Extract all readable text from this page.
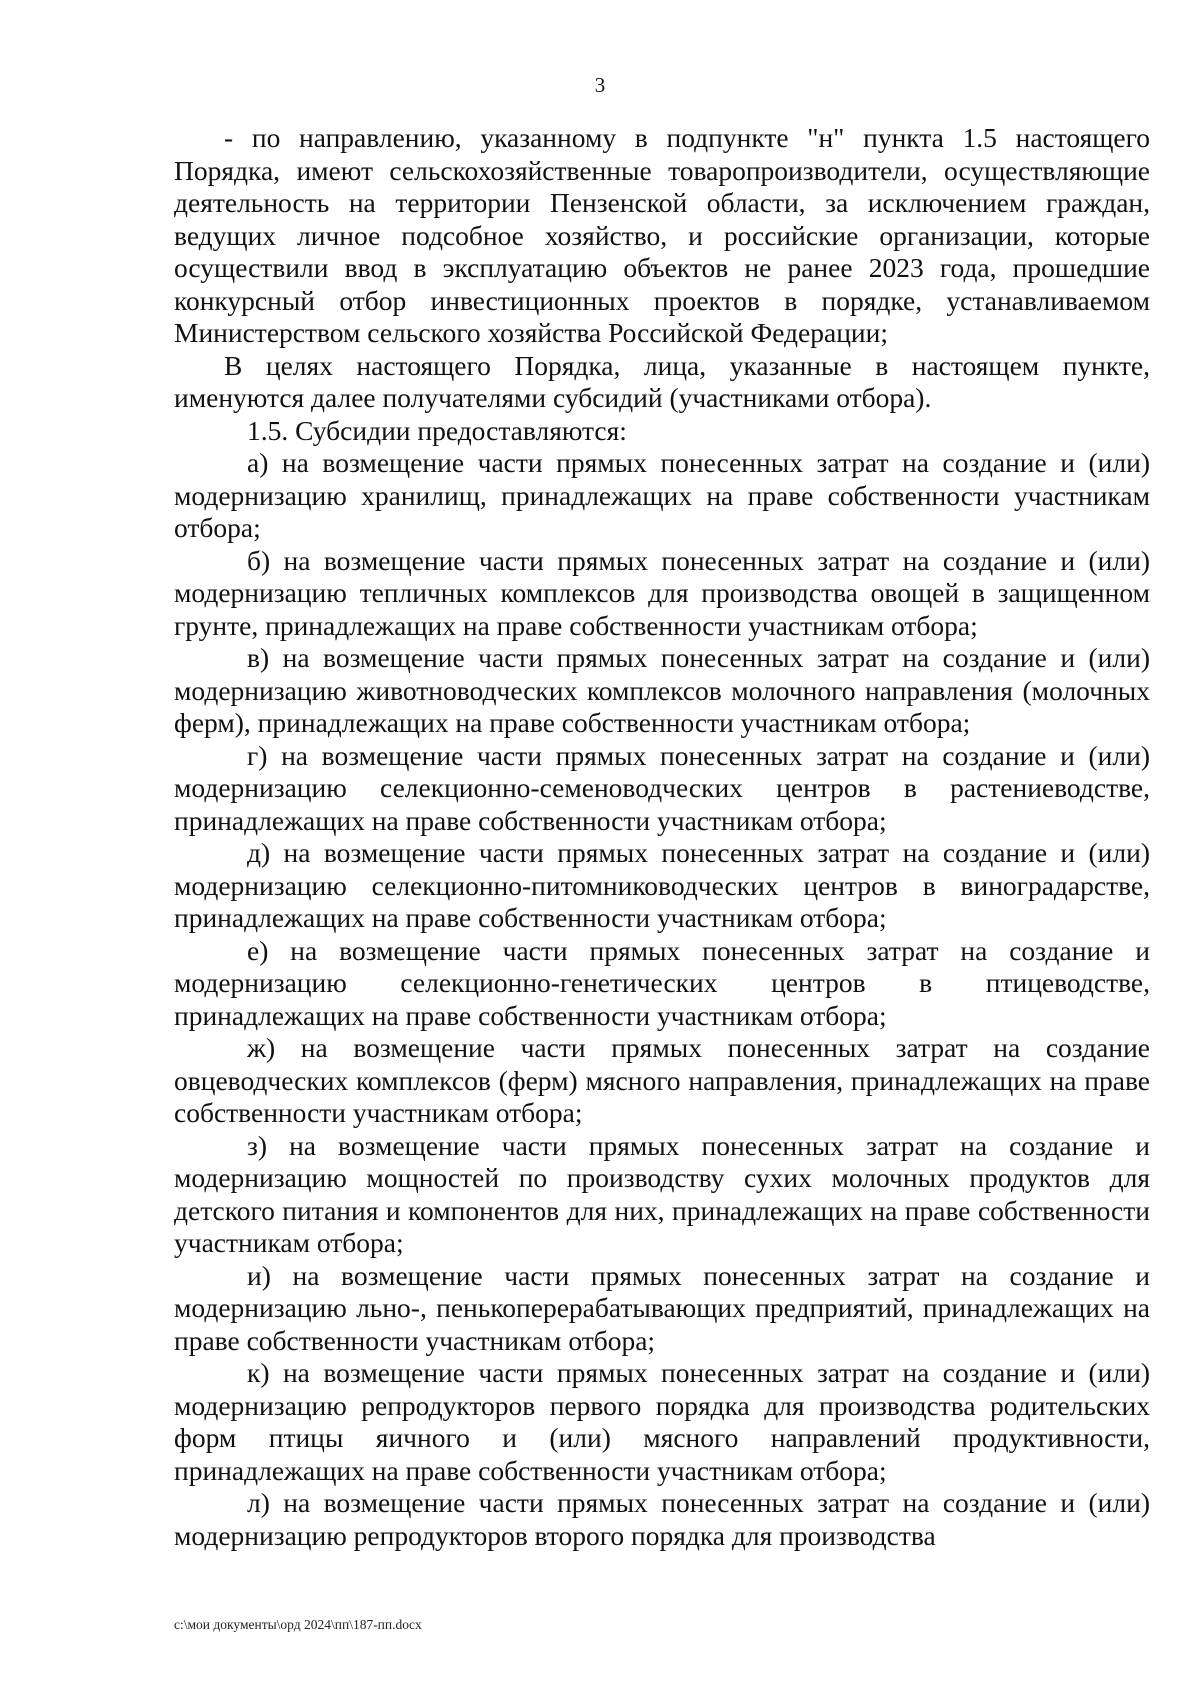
3

- по направлению, указанному в подпункте "н" пункта 1.5 настоящего Порядка, имеют сельскохозяйственные товаропроизводители, осуществляющие деятельность на территории Пензенской области, за исключением граждан, ведущих личное подсобное хозяйство, и российские организации, которые осуществили ввод в эксплуатацию объектов не ранее 2023 года, прошедшие конкурсный отбор инвестиционных проектов в порядке, устанавливаемом Министерством сельского хозяйства Российской Федерации;

В целях настоящего Порядка, лица, указанные в настоящем пункте, именуются далее получателями субсидий (участниками отбора).

1.5. Субсидии предоставляются:

а) на возмещение части прямых понесенных затрат на создание и (или) модернизацию хранилищ, принадлежащих на праве собственности участникам отбора;

б) на возмещение части прямых понесенных затрат на создание и (или) модернизацию тепличных комплексов для производства овощей в защищенном грунте, принадлежащих на праве собственности участникам отбора;

в) на возмещение части прямых понесенных затрат на создание и (или) модернизацию животноводческих комплексов молочного направления (молочных ферм), принадлежащих на праве собственности участникам отбора;

г) на возмещение части прямых понесенных затрат на создание и (или) модернизацию селекционно-семеноводческих центров в растениеводстве, принадлежащих на праве собственности участникам отбора;

д) на возмещение части прямых понесенных затрат на создание и (или) модернизацию селекционно-питомниководческих центров в виноградарстве, принадлежащих на праве собственности участникам отбора;

е) на возмещение части прямых понесенных затрат на создание и модернизацию селекционно-генетических центров в птицеводстве, принадлежащих на праве собственности участникам отбора;

ж) на возмещение части прямых понесенных затрат на создание овцеводческих комплексов (ферм) мясного направления, принадлежащих на праве собственности участникам отбора;

з) на возмещение части прямых понесенных затрат на создание и модернизацию мощностей по производству сухих молочных продуктов для детского питания и компонентов для них, принадлежащих на праве собственности участникам отбора;

и) на возмещение части прямых понесенных затрат на создание и модернизацию льно-, пенькоперерабатывающих предприятий, принадлежащих на праве собственности участникам отбора;

к) на возмещение части прямых понесенных затрат на создание и (или) модернизацию репродукторов первого порядка для производства родительских форм птицы яичного и (или) мясного направлений продуктивности, принадлежащих на праве собственности участникам отбора;

л) на возмещение части прямых понесенных затрат на создание и (или) модернизацию репродукторов второго порядка для производства

c:\мои документы\орд 2024\пп\187-пп.docx
